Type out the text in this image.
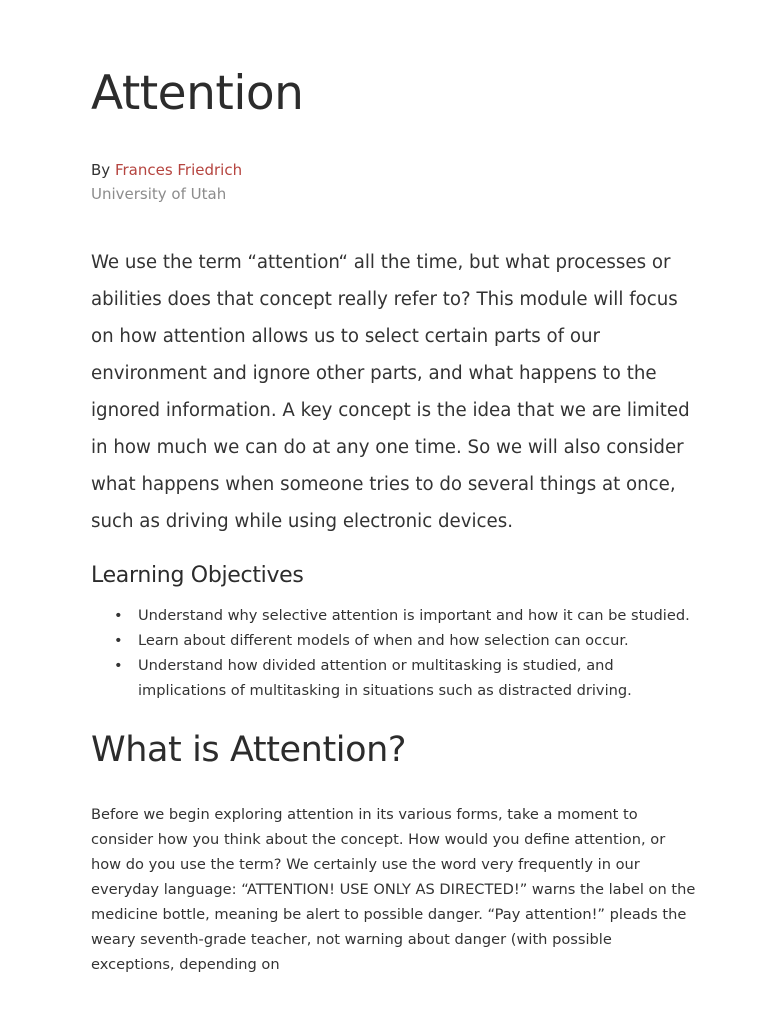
Attention
By Frances Friedrich
University of Utah

We use the term “attention“ all the time, but what processes or abilities does that concept really refer to? This module will focus on how attention allows us to select certain parts of our environment and ignore other parts, and what happens to the ignored information. A key concept is the idea that we are limited in how much we can do at any one time. So we will also consider what happens when someone tries to do several things at once, such as driving while using electronic devices.

Learning Objectives
• Understand why selective attention is important and how it can be studied.
• Learn about different models of when and how selection can occur.
• Understand how divided attention or multitasking is studied, and implications of multitasking in situations such as distracted driving.
What is Attention?

Before we begin exploring attention in its various forms, take a moment to consider how you think about the concept. How would you define attention, or how do you use the term? We certainly use the word very frequently in our everyday language: “ATTENTION! USE ONLY AS DIRECTED!” warns the label on the medicine bottle, meaning be alert to possible danger. “Pay attention!” pleads the weary seventh-grade teacher, not warning about danger (with possible exceptions, depending on
